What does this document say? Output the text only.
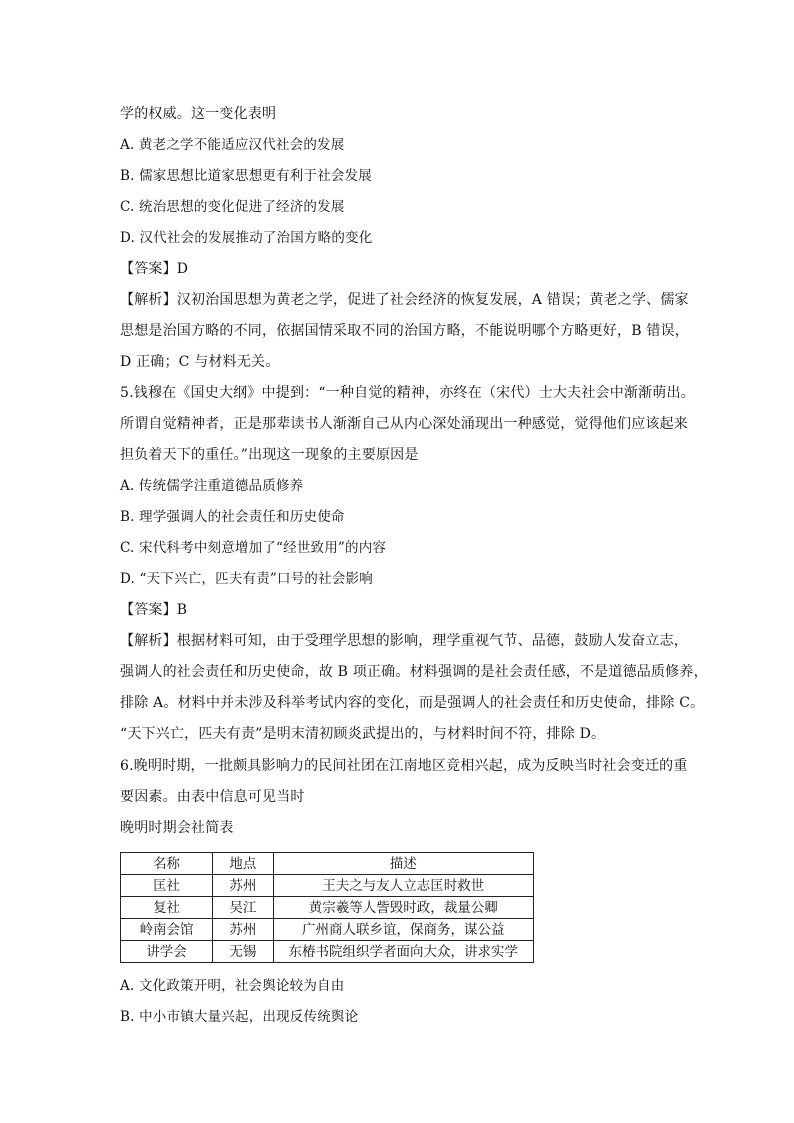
学的权威。这一变化表明
A. 黄老之学不能适应汉代社会的发展
B. 儒家思想比道家思想更有利于社会发展
C. 统治思想的变化促进了经济的发展
D. 汉代社会的发展推动了治国方略的变化
【答案】D
【解析】汉初治国思想为黄老之学，促进了社会经济的恢复发展，A 错误；黄老之学、儒家
思想是治国方略的不同，依据国情采取不同的治国方略，不能说明哪个方略更好，B 错误，
D 正确；C 与材料无关。
5.钱穆在《国史大纲》中提到：“一种自觉的精神，亦终在（宋代）士大夫社会中渐渐萌出。
所谓自觉精神者，正是那辈读书人渐渐自己从内心深处涌现出一种感觉，觉得他们应该起来
担负着天下的重任。”出现这一现象的主要原因是
A. 传统儒学注重道德品质修养
B. 理学强调人的社会责任和历史使命
C. 宋代科考中刻意增加了“经世致用”的内容
D. “天下兴亡，匹夫有责”口号的社会影响
【答案】B
【解析】根据材料可知，由于受理学思想的影响，理学重视气节、品德，鼓励人发奋立志，
强调人的社会责任和历史使命，故 B 项正确。材料强调的是社会责任感，不是道德品质修养，
排除 A。材料中并未涉及科举考试内容的变化，而是强调人的社会责任和历史使命，排除 C。
“天下兴亡，匹夫有责”是明末清初顾炎武提出的，与材料时间不符，排除 D。
6.晚明时期，一批颇具影响力的民间社团在江南地区竞相兴起，成为反映当时社会变迁的重
要因素。由表中信息可见当时
晚明时期会社简表
名称	地点	描述
匡社	苏州	王夫之与友人立志匡时救世
复社	吴江	黄宗羲等人訾毁时政，裁量公卿
岭南会馆	苏州	广州商人联乡谊，保商务，谋公益
讲学会	无锡	东椿书院组织学者面向大众，讲求实学
A. 文化政策开明，社会舆论较为自由
B. 中小市镇大量兴起，出现反传统舆论
